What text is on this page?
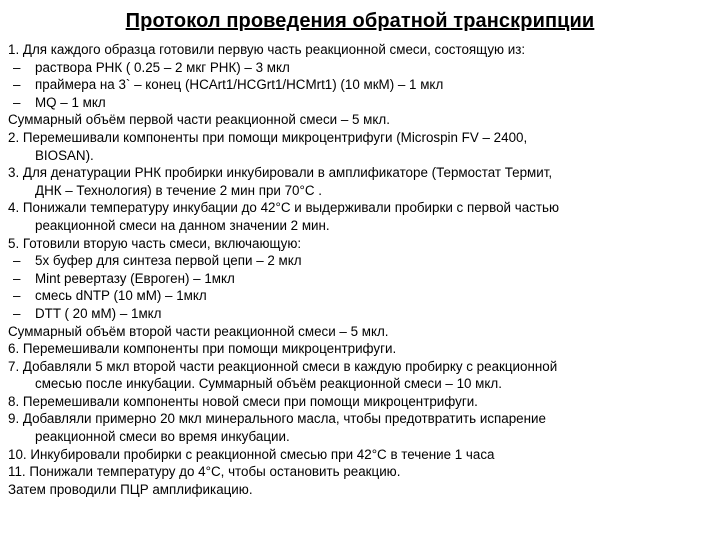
Протокол проведения обратной транскрипции
1. Для каждого образца готовили первую часть реакционной смеси, состоящую из:
– раствора РНК ( 0.25 – 2 мкг РНК) – 3 мкл
– праймера на 3` – конец (HCArt1/HCGrt1/HCMrt1) (10 мкМ) – 1 мкл
– MQ – 1 мкл
Суммарный объём первой части реакционной смеси – 5 мкл.
2. Перемешивали компоненты при помощи микроцентрифуги (Microspin FV – 2400,
BIOSAN).
3. Для денатурации РНК пробирки инкубировали в амплификаторе (Термостат Термит,
ДНК – Технология) в течение 2 мин при 70°С .
4. Понижали температуру инкубации до 42°С и выдерживали пробирки с первой частью
реакционной смеси на данном значении 2 мин.
5. Готовили вторую часть смеси, включающую:
– 5х буфер для синтеза первой цепи – 2 мкл
– Mint ревертазу (Евроген) – 1мкл
– смесь dNTP (10 мМ) – 1мкл
– DTT ( 20 мМ) – 1мкл
Суммарный объём второй части реакционной смеси – 5 мкл.
6. Перемешивали компоненты при помощи микроцентрифуги.
7. Добавляли 5 мкл второй части реакционной смеси в каждую пробирку с реакционной
смесью после инкубации. Суммарный объём реакционной смеси – 10 мкл.
8. Перемешивали компоненты новой смеси при помощи микроцентрифуги.
9. Добавляли примерно 20 мкл минерального масла, чтобы предотвратить испарение
реакционной смеси во время инкубации.
10. Инкубировали пробирки с реакционной смесью при 42°С в течение 1 часа
11. Понижали температуру до 4°С, чтобы остановить реакцию.
Затем проводили ПЦР амплификацию.
